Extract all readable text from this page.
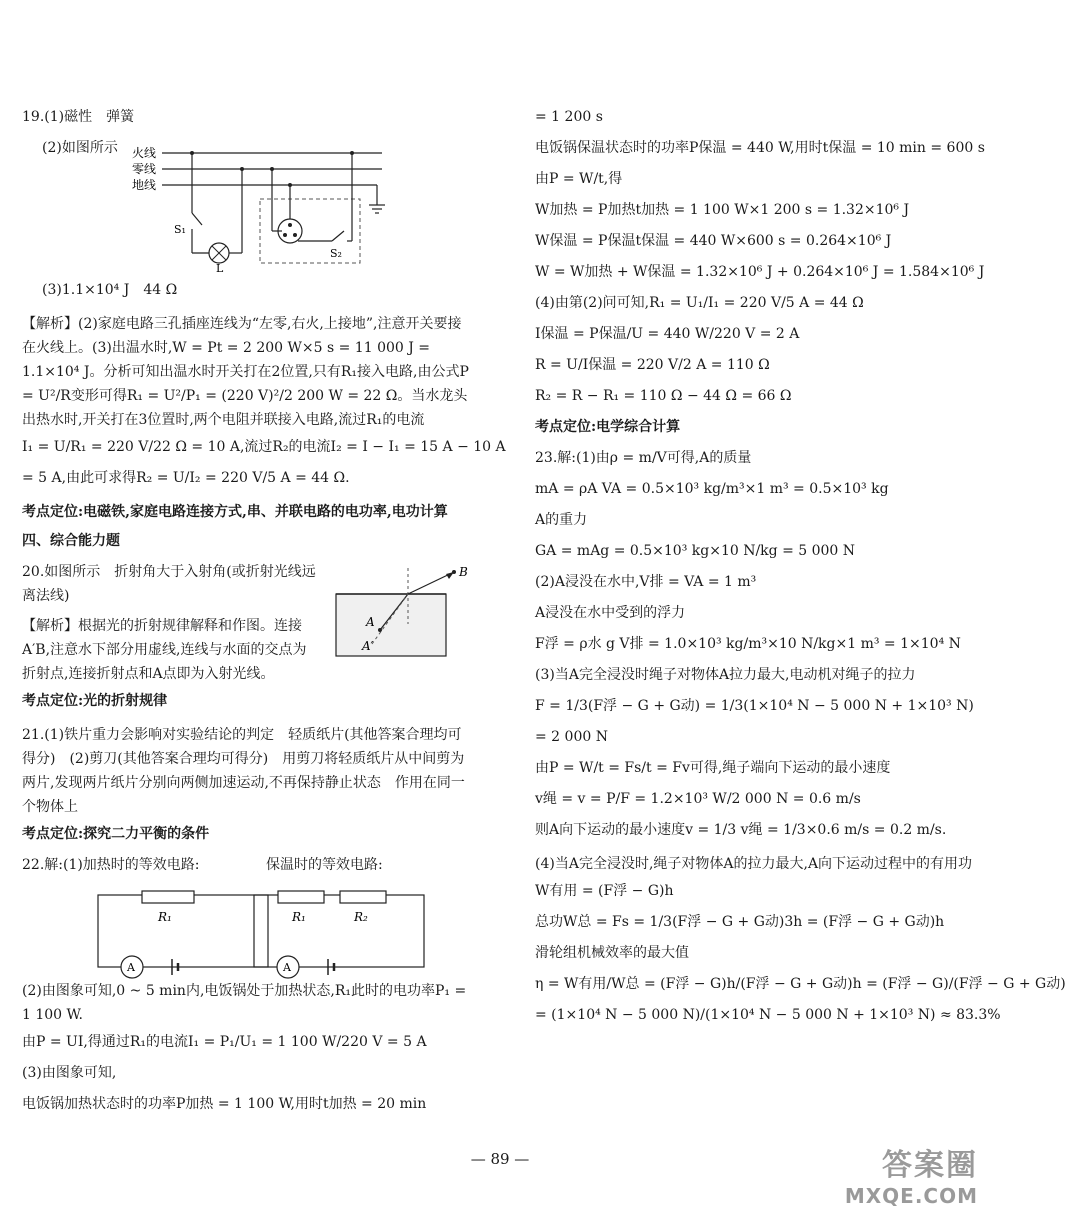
19.(1)磁性　弹簧
(2)如图所示 火线
零线
地线
S₁
L
S₂
(3)1.1×10⁴ J　44 Ω
【解析】(2)家庭电路三孔插座连线为“左零,右火,上接地”,注意开关要接在火线上。(3)出温水时,W = Pt = 2 200 W×5 s = 11 000 J = 1.1×10⁴ J。分析可知出温水时开关打在2位置,只有R₁接入电路,由公式P = U²/R变形可得R₁ = U²/P₁ = (220 V)²/2 200 W = 22 Ω。当水龙头出热水时,开关打在3位置时,两个电阻并联接入电路,流过R₁的电流
I₁ = U/R₁ = 220 V/22 Ω = 10 A,流过R₂的电流I₂ = I − I₁ = 15 A − 10 A
= 5 A,由此可求得R₂ = U/I₂ = 220 V/5 A = 44 Ω.
考点定位:电磁铁,家庭电路连接方式,串、并联电路的电功率,电功计算
四、综合能力题
20.如图所示　折射角大于入射角(或折射光线远离法线)
【解析】根据光的折射规律解释和作图。连接A′B,注意水下部分用虚线,连线与水面的交点为折射点,连接折射点和A点即为入射光线。
B
A
A′
考点定位:光的折射规律
21.(1)铁片重力会影响对实验结论的判定　轻质纸片(其他答案合理均可得分)　(2)剪刀(其他答案合理均可得分)　用剪刀将轻质纸片从中间剪为两片,发现两片纸片分别向两侧加速运动,不再保持静止状态　作用在同一个物体上
考点定位:探究二力平衡的条件
22.解:(1)加热时的等效电路:	保温时的等效电路:
R₁
A
R₁	R₂
A
(2)由图象可知,0 ~ 5 min内,电饭锅处于加热状态,R₁此时的电功率P₁ = 1 100 W.
由P = UI,得通过R₁的电流I₁ = P₁/U₁ = 1 100 W/220 V = 5 A
(3)由图象可知,
电饭锅加热状态时的功率P加热 = 1 100 W,用时t加热 = 20 min
= 1 200 s
电饭锅保温状态时的功率P保温 = 440 W,用时t保温 = 10 min = 600 s
由P = W/t,得
W加热 = P加热t加热 = 1 100 W×1 200 s = 1.32×10⁶ J
W保温 = P保温t保温 = 440 W×600 s = 0.264×10⁶ J
W = W加热 + W保温 = 1.32×10⁶ J + 0.264×10⁶ J = 1.584×10⁶ J
(4)由第(2)问可知,R₁ = U₁/I₁ = 220 V/5 A = 44 Ω
I保温 = P保温/U = 440 W/220 V = 2 A
R = U/I保温 = 220 V/2 A = 110 Ω
R₂ = R − R₁ = 110 Ω − 44 Ω = 66 Ω
考点定位:电学综合计算
23.解:(1)由ρ = m/V可得,A的质量
mA = ρA VA = 0.5×10³ kg/m³×1 m³ = 0.5×10³ kg
A的重力
GA = mAg = 0.5×10³ kg×10 N/kg = 5 000 N
(2)A浸没在水中,V排 = VA = 1 m³
A浸没在水中受到的浮力
F浮 = ρ水 g V排 = 1.0×10³ kg/m³×10 N/kg×1 m³ = 1×10⁴ N
(3)当A完全浸没时绳子对物体A拉力最大,电动机对绳子的拉力
F = 1/3(F浮 − G + G动) = 1/3(1×10⁴ N − 5 000 N + 1×10³ N)
= 2 000 N
由P = W/t = Fs/t = Fv可得,绳子端向下运动的最小速度
v绳 = v = P/F = 1.2×10³ W/2 000 N = 0.6 m/s
则A向下运动的最小速度v = 1/3 v绳 = 1/3×0.6 m/s = 0.2 m/s.
(4)当A完全浸没时,绳子对物体A的拉力最大,A向下运动过程中的有用功
W有用 = (F浮 − G)h
总功W总 = Fs = 1/3(F浮 − G + G动)3h = (F浮 − G + G动)h
滑轮组机械效率的最大值
η = W有用/W总 = (F浮 − G)h/(F浮 − G + G动)h = (F浮 − G)/(F浮 − G + G动)
= (1×10⁴ N − 5 000 N)/(1×10⁴ N − 5 000 N + 1×10³ N) ≈ 83.3%
— 89 —	答案圈
MXQE.COM
